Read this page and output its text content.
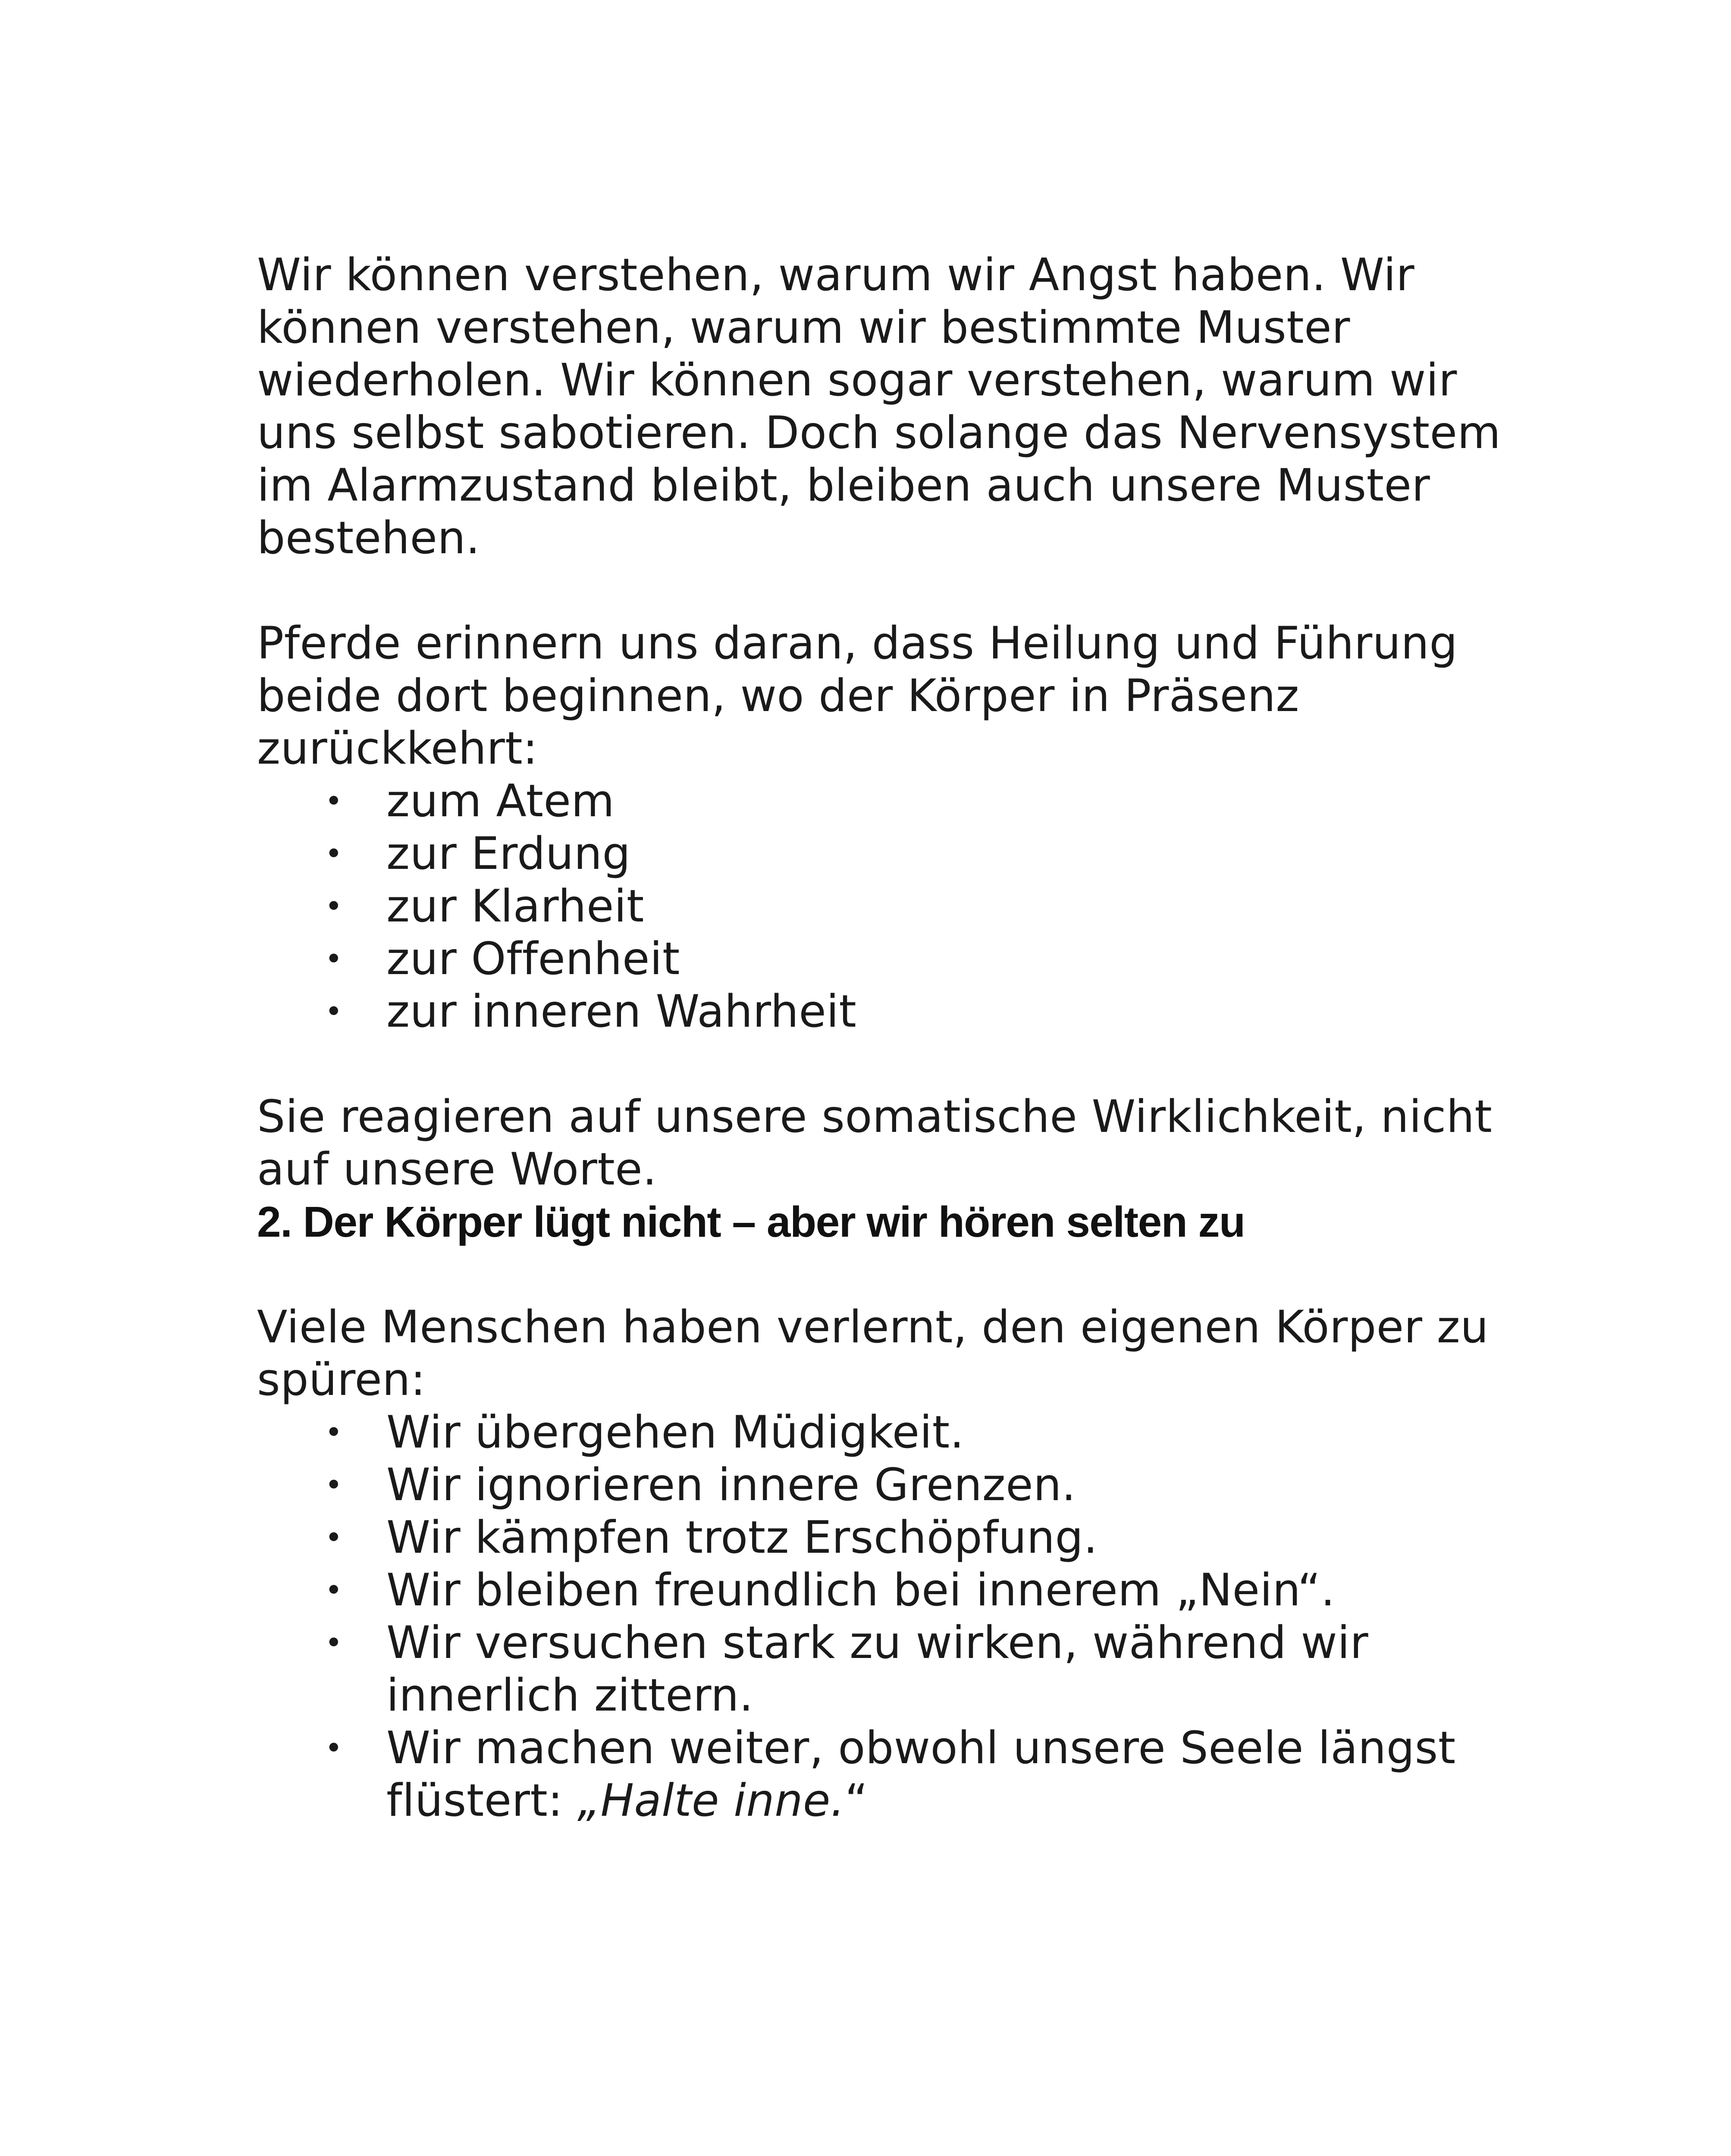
Wir können verstehen, warum wir Angst haben. Wir
können verstehen, warum wir bestimmte Muster
wiederholen. Wir können sogar verstehen, warum wir
uns selbst sabotieren. Doch solange das Nervensystem
im Alarmzustand bleibt, bleiben auch unsere Muster
bestehen.

Pferde erinnern uns daran, dass Heilung und Führung
beide dort beginnen, wo der Körper in Präsenz
zurückkehrt:

• zum Atem
• zur Erdung
• zur Klarheit
• zur Offenheit
• zur inneren Wahrheit

Sie reagieren auf unsere somatische Wirklichkeit, nicht
auf unsere Worte.

2. Der Körper lügt nicht – aber wir hören selten zu

Viele Menschen haben verlernt, den eigenen Körper zu
spüren:

• Wir übergehen Müdigkeit.
• Wir ignorieren innere Grenzen.
• Wir kämpfen trotz Erschöpfung.
• Wir bleiben freundlich bei innerem „Nein“.
• Wir versuchen stark zu wirken, während wir
innerlich zittern.
• Wir machen weiter, obwohl unsere Seele längst
flüstert: „Halte inne.“
